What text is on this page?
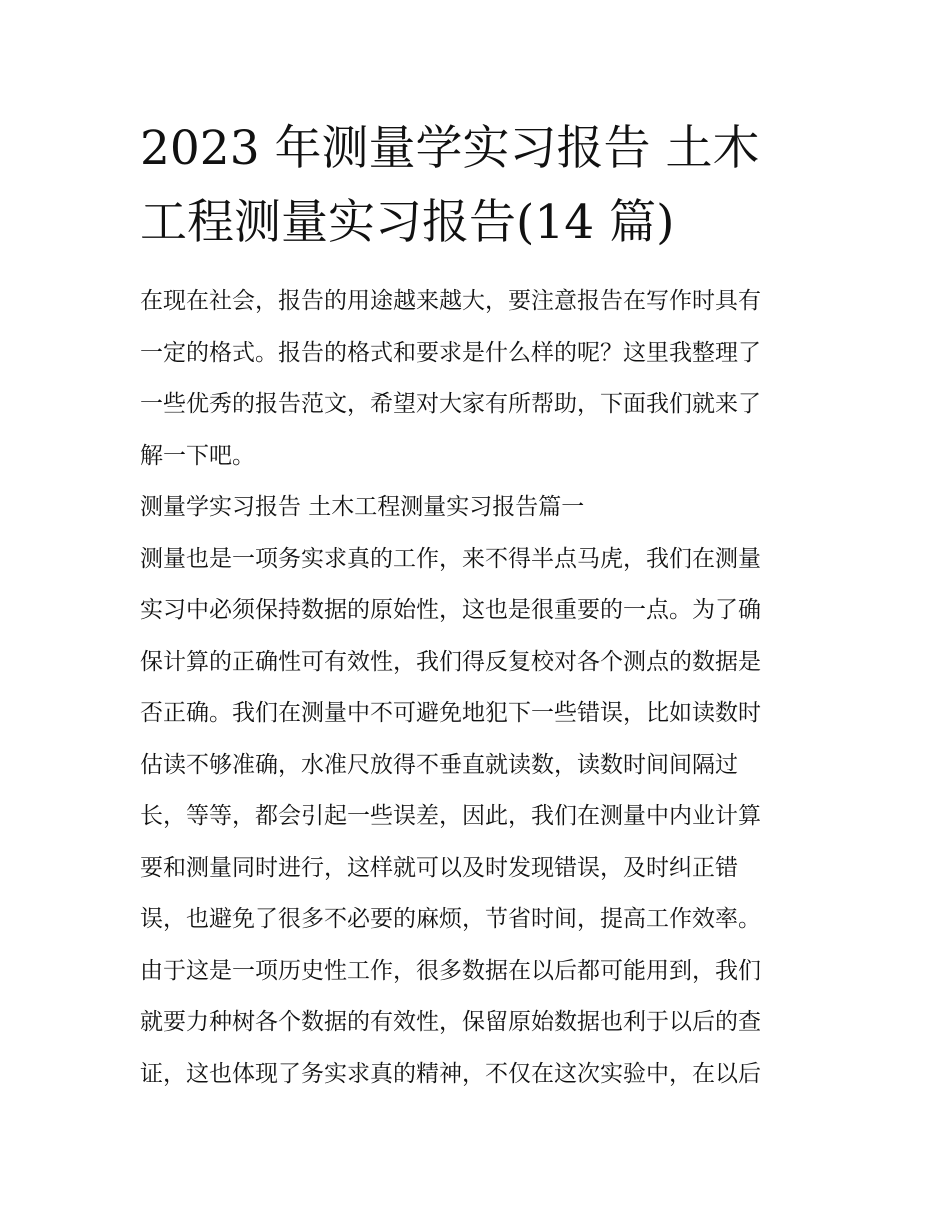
2023 年测量学实习报告 土木
工程测量实习报告(14 篇)

在现在社会，报告的用途越来越大，要注意报告在写作时具有
一定的格式。报告的格式和要求是什么样的呢？这里我整理了
一些优秀的报告范文，希望对大家有所帮助，下面我们就来了
解一下吧。

测量学实习报告 土木工程测量实习报告篇一

测量也是一项务实求真的工作，来不得半点马虎，我们在测量
实习中必须保持数据的原始性，这也是很重要的一点。为了确
保计算的正确性可有效性，我们得反复校对各个测点的数据是
否正确。我们在测量中不可避免地犯下一些错误，比如读数时
估读不够准确，水准尺放得不垂直就读数，读数时间间隔过
长，等等，都会引起一些误差，因此，我们在测量中内业计算
要和测量同时进行，这样就可以及时发现错误，及时纠正错
误，也避免了很多不必要的麻烦，节省时间，提高工作效率。
由于这是一项历史性工作，很多数据在以后都可能用到，我们
就要力种树各个数据的有效性，保留原始数据也利于以后的查
证，这也体现了务实求真的精神，不仅在这次实验中，在以后
